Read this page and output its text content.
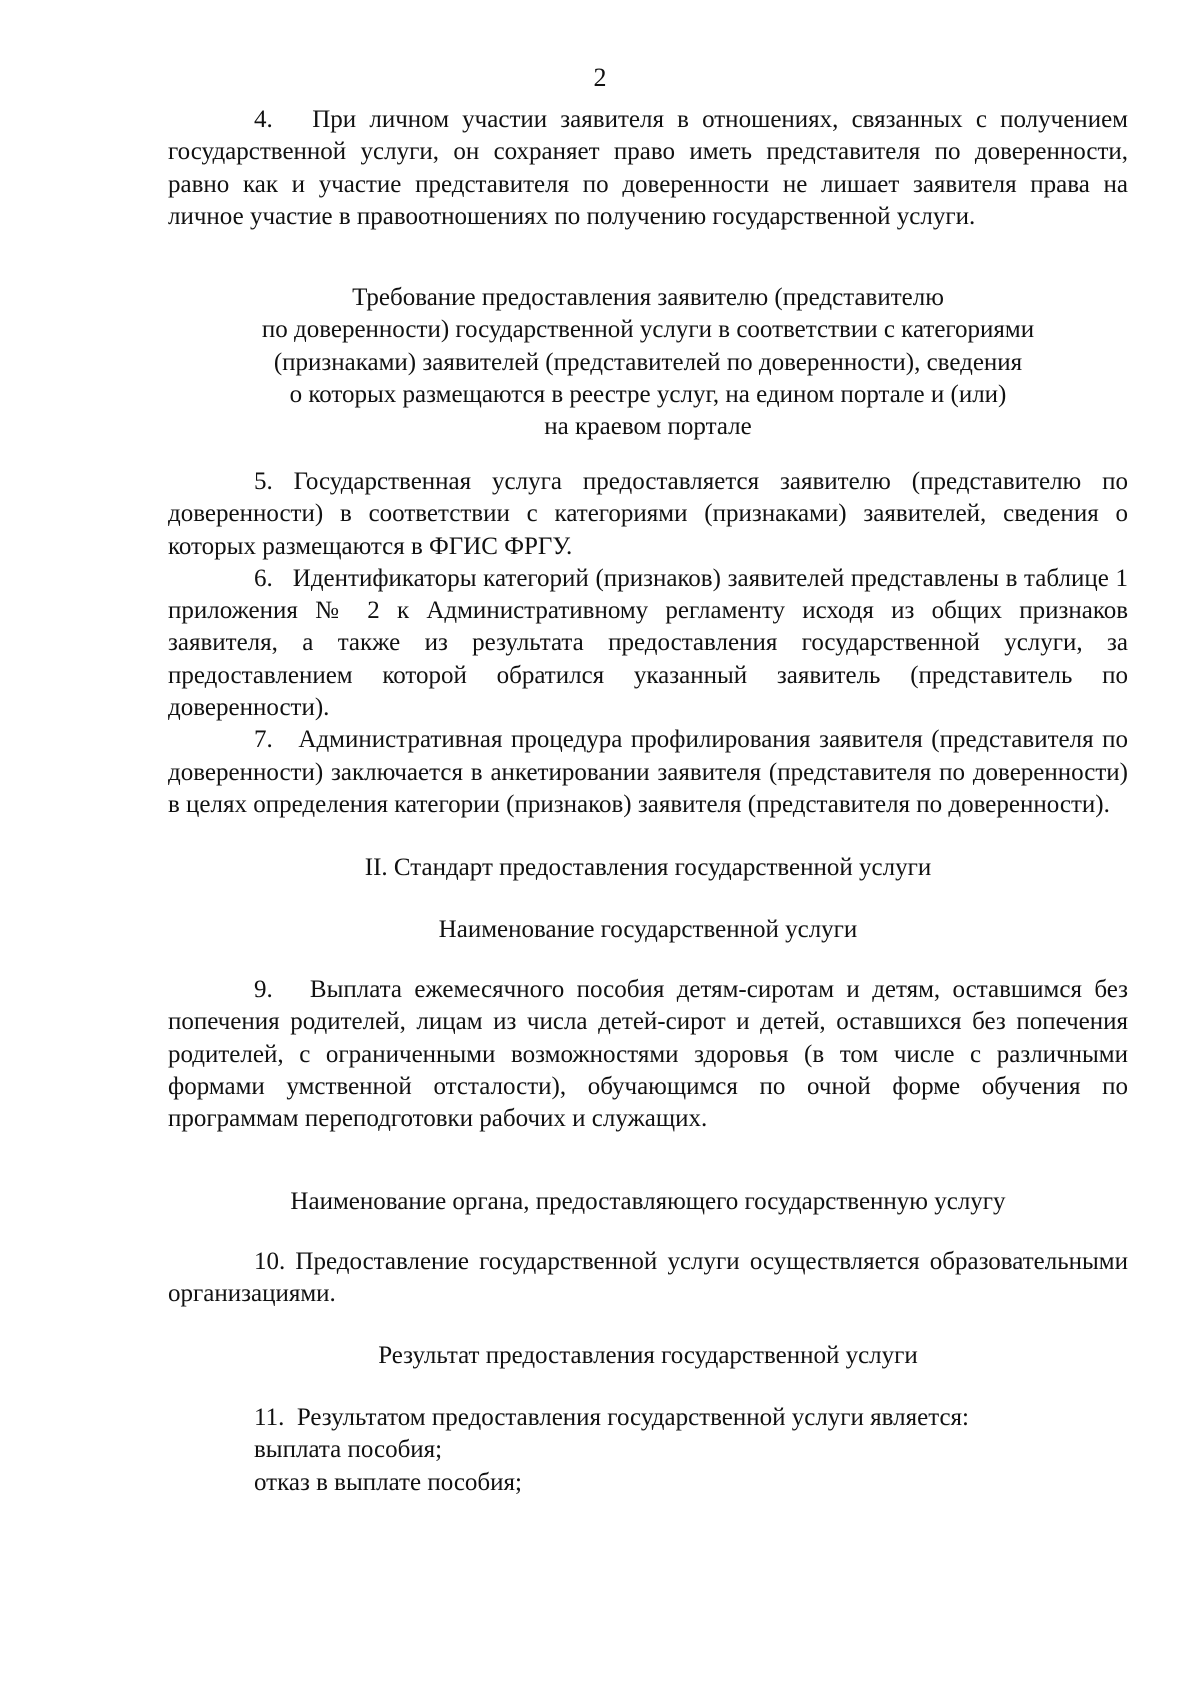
2

4.   При личном участии заявителя в отношениях, связанных с получением государственной услуги, он сохраняет право иметь представителя по доверенности, равно как и участие представителя по доверенности не лишает заявителя права на личное участие в правоотношениях по получению государственной услуги.

Требование предоставления заявителю (представителю

по доверенности) государственной услуги в соответствии с категориями

(признаками) заявителей (представителей по доверенности), сведения

о которых размещаются в реестре услуг, на едином портале и (или)

на краевом портале

5. Государственная услуга предоставляется заявителю (представителю по доверенности) в соответствии с категориями (признаками) заявителей, сведения о которых размещаются в ФГИС ФРГУ.

6.   Идентификаторы категорий (признаков) заявителей представлены в таблице 1 приложения № 2 к Административному регламенту исходя из общих признаков заявителя, а также из результата предоставления государственной услуги, за предоставлением которой обратился указанный заявитель (представитель по доверенности).

7.   Административная процедура профилирования заявителя (представителя по доверенности) заключается в анкетировании заявителя (представителя по доверенности) в целях определения категории (признаков) заявителя (представителя по доверенности).

II. Стандарт предоставления государственной услуги

Наименование государственной услуги

9.   Выплата ежемесячного пособия детям-сиротам и детям, оставшимся без попечения родителей, лицам из числа детей-сирот и детей, оставшихся без попечения родителей, с ограниченными возможностями здоровья (в том числе с различными формами умственной отсталости), обучающимся по очной форме обучения по программам переподготовки рабочих и служащих.

Наименование органа, предоставляющего государственную услугу

10. Предоставление государственной услуги осуществляется образовательными организациями.

Результат предоставления государственной услуги

11.  Результатом предоставления государственной услуги является:

выплата пособия;

отказ в выплате пособия;
